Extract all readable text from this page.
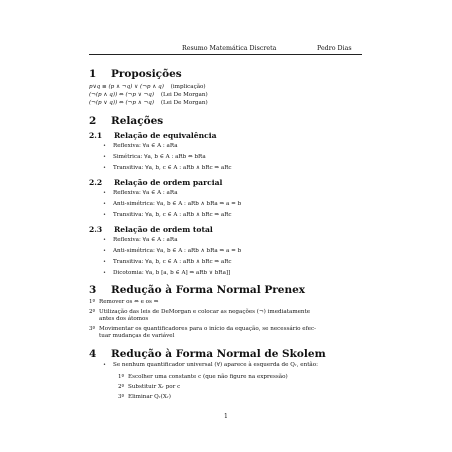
Resumo Matemática Discreta	Pedro Dias
1 Proposições
p∨q ≡ (p ∧ ¬q) ∨ (¬p ∧ q) (implicação)
(¬(p ∧ q)) ⇔ (¬p ∨ ¬q) (Lei De Morgan)
(¬(p ∨ q)) ⇔ (¬p ∧ ¬q) (Lei De Morgan)
2 Relações
2.1 Relação de equivalência
• Reflexiva: ∀a ∈ A : aRa
• Simétrica: ∀a, b ∈ A : aRb ⇔ bRa
• Transitiva: ∀a, b, c ∈ A : aRb ∧ bRc ⇒ aRc
2.2 Relação de ordem parcial
• Reflexiva: ∀a ∈ A : aRa
• Anti-simétrica: ∀a, b ∈ A : aRb ∧ bRa ⇒ a = b
• Transitiva: ∀a, b, c ∈ A : aRb ∧ bRc ⇒ aRc
2.3 Relação de ordem total
• Reflexiva: ∀a ∈ A : aRa
• Anti-simétrica: ∀a, b ∈ A : aRb ∧ bRa ⇒ a = b
• Transitiva: ∀a, b, c ∈ A : aRb ∧ bRc ⇒ aRc
• Dicotomia: ∀a, b [a, b ∈ A] ⇒ aRb ∨ bRa]]
3 Redução à Forma Normal Prenex
1º Remover os ⇔ e os ⇒
2º Utilização das leis de DeMorgan e colocar as negações (¬) imediatamente
antes dos átomos
3º Movimentar os quantificadores para o início da equação, se necessário efec-
tuar mudanças de variável
4 Redução à Forma Normal de Skolem
• Se nenhum quantificador universal (∀) aparece à esquerda de Qᵣ, então:
1º Escolher uma constante c (que não figure na expressão)
2º Substituir Xᵣ por c
3º Eliminar Qᵣ(Xᵣ)
1
